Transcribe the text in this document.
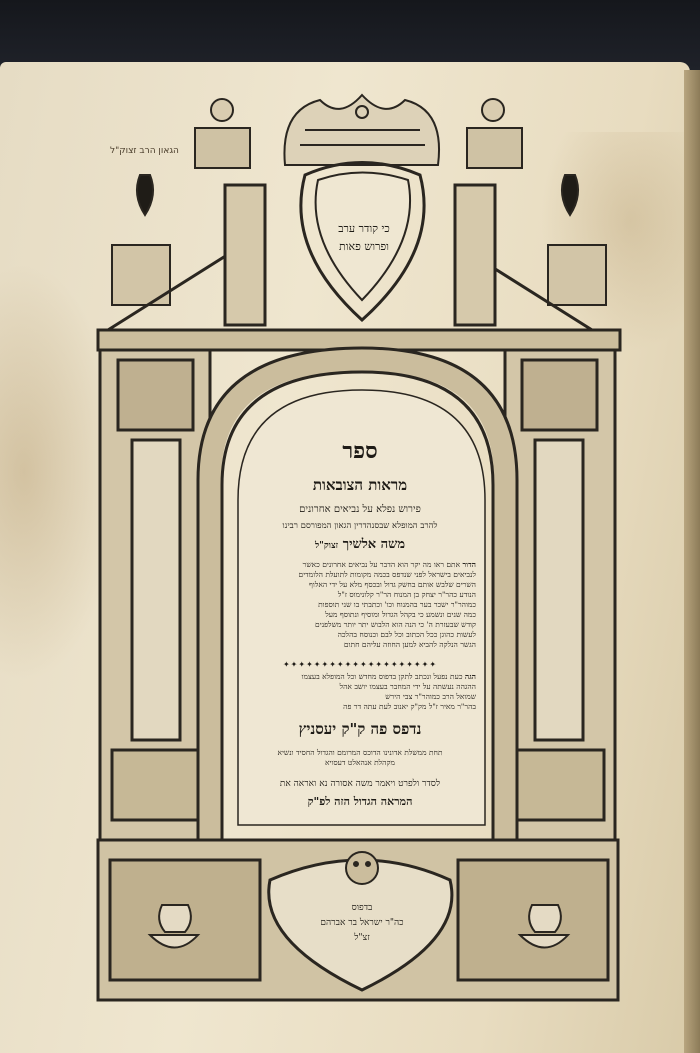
הגאון הרב זצוק"ל
כי קודר ערב
ופרוש פאות
ספר
מראות הצובאות
פירוש נפלא על נביאים אחרונים
להרב המופלא שבסנהדרין הגאון המפורסם רבינו
משה אלשיך זצוק"ל
הדור אתם ראו מה יקר הוא הדבר על נביאים אחרונים כאשר
לנביאים בישראל לפני שנדפס בכמה מקומות לתועלת הלומדים
השרים שלבש אותם בחשק גדול ובכסף מלא על ידי האלוף
הנודע כהר"ר יצחק בן המנוח הר"ר קלונימוס ז"ל
כמוהר"ר ישכר בער בהמנוח וכו' וכתבתי בו שני תוספות
כמה שנים ונשמע כי בקהל הגדול ומוסיף ונתוסף מעל
קודש שבעזרת ה' כי הנה הוא הלבוש יתר יותר משלפנים
לעשות כהוגן ככל הכתוב וכל לבם וכנוסח בהלכה
הגשר הנלקה להביא למען החוזה עליהם חתום
✦✦✦✦✦✦✦✦✦✦✦✦✦✦✦✦✦✦✦✦
הגה כעת נפעל ונכתב לתקן בדפוס מחדש וכל המופלא בעצמו
ההגהה נעשתה על ידי המחבר בעצמו יושב אהל
שמואל הרב כמוהר"ר צבי הירש
בהר"ר מאיר ז"ל מק"ק יאנוב לעת עתה דר פה
נדפס פה ק"ק יעסניץ
תחת ממשלת אדונינו הדוכס המרומם והגדול החסיד ונשיא
מקהלת אנהאלט דעסויא
לסדר ולפרט ויאמר משה אסורה נא ואראה את
המראה הגדול הזה לפ"ק
בדפוס
כה"ר ישראל בר אברהם
זצ"ל
